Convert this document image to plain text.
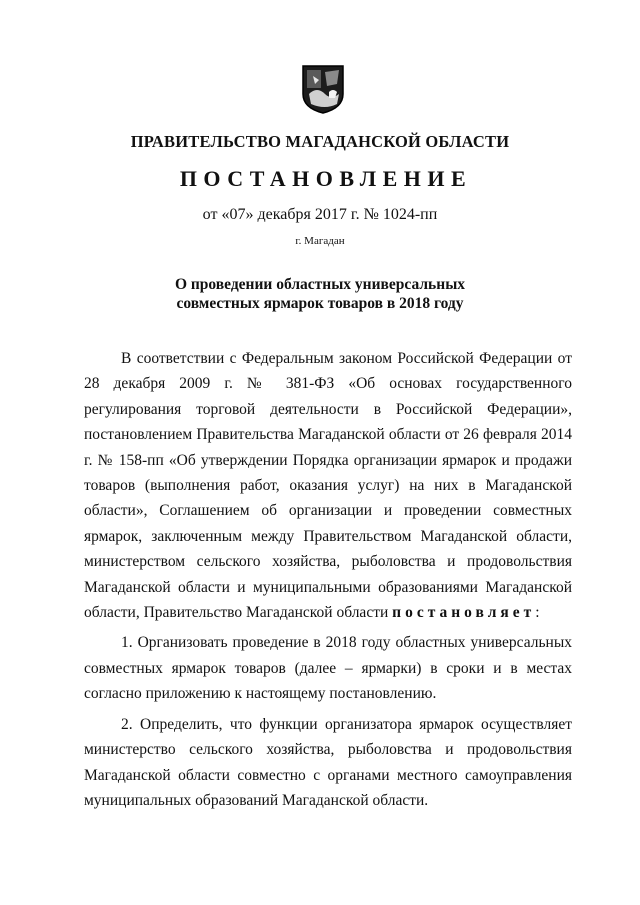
ПРАВИТЕЛЬСТВО МАГАДАНСКОЙ ОБЛАСТИ
ПОСТАНОВЛЕНИЕ
от «07» декабря 2017 г. № 1024-пп
г. Магадан
О проведении областных универсальных
совместных ярмарок товаров в 2018 году

В соответствии с Федеральным законом Российской Федерации от 28 декабря 2009 г. № 381-ФЗ «Об основах государственного регулирования торговой деятельности в Российской Федерации», постановлением Правительства Магаданской области от 26 февраля 2014 г. № 158-пп «Об утверждении Порядка организации ярмарок и продажи товаров (выполнения работ, оказания услуг) на них в Магаданской области», Соглашением об организации и проведении совместных ярмарок, заключенным между Правительством Магаданской области, министерством сельского хозяйства, рыболовства и продовольствия Магаданской области и муниципальными образованиями Магаданской области, Правительство Магаданской области постановляет:

1. Организовать проведение в 2018 году областных универсальных совместных ярмарок товаров (далее – ярмарки) в сроки и в местах согласно приложению к настоящему постановлению.

2. Определить, что функции организатора ярмарок осуществляет министерство сельского хозяйства, рыболовства и продовольствия Магаданской области совместно с органами местного самоуправления муниципальных образований Магаданской области.
